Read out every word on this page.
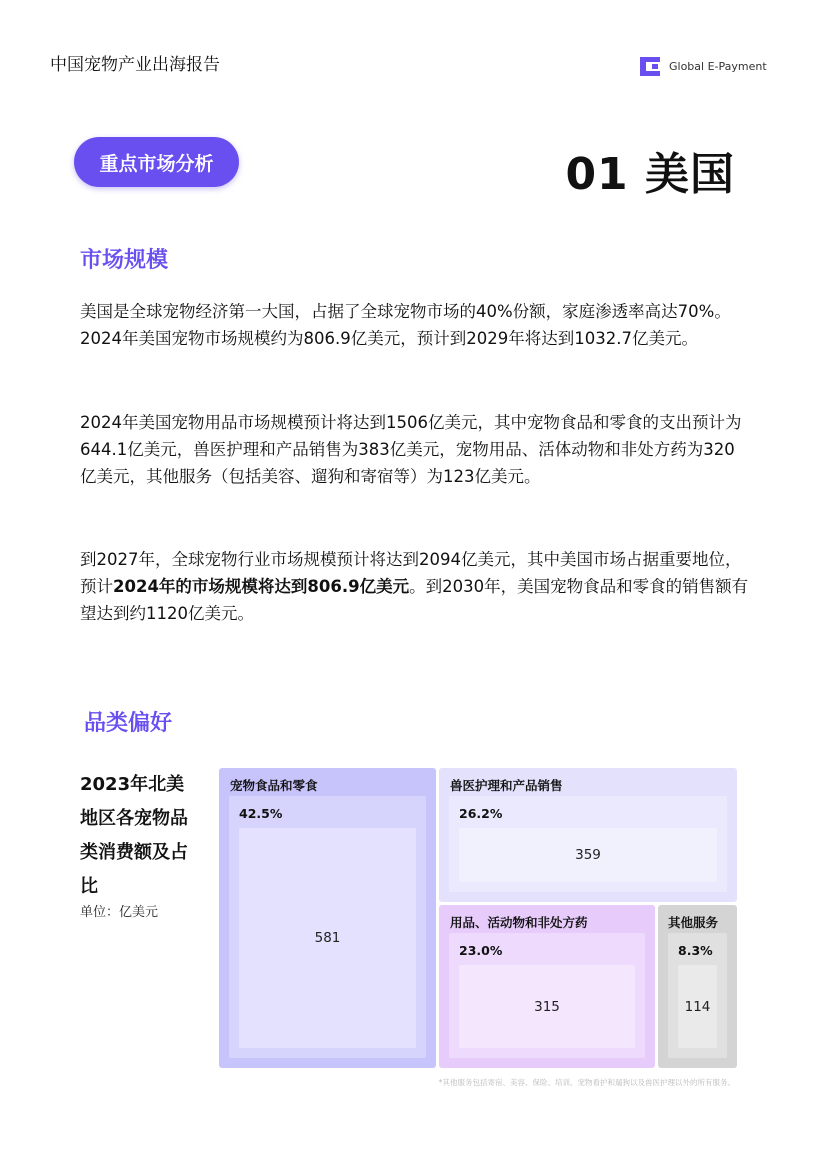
中国宠物产业出海报告	Global E-Payment
重点市场分析	01 美国
市场规模

美国是全球宠物经济第一大国，占据了全球宠物市场的40%份额，家庭渗透率高达70%。2024年美国宠物市场规模约为806.9亿美元，预计到2029年将达到1032.7亿美元。

2024年美国宠物用品市场规模预计将达到1506亿美元，其中宠物食品和零食的支出预计为644.1亿美元，兽医护理和产品销售为383亿美元，宠物用品、活体动物和非处方药为320亿美元，其他服务（包括美容、遛狗和寄宿等）为123亿美元。

到2027年，全球宠物行业市场规模预计将达到2094亿美元，其中美国市场占据重要地位，预计2024年的市场规模将达到806.9亿美元。到2030年，美国宠物食品和零食的销售额有望达到约1120亿美元。

品类偏好
2023年北美地区各宠物品类消费额及占比
单位：亿美元
宠物食品和零食
42.5%
581
兽医护理和产品销售
26.2%
359
用品、活动物和非处方药
23.0%
315
其他服务
8.3%
114
*其他服务包括寄宿、美容、保险、培训、宠物看护和遛狗以及兽医护理以外的所有服务。
